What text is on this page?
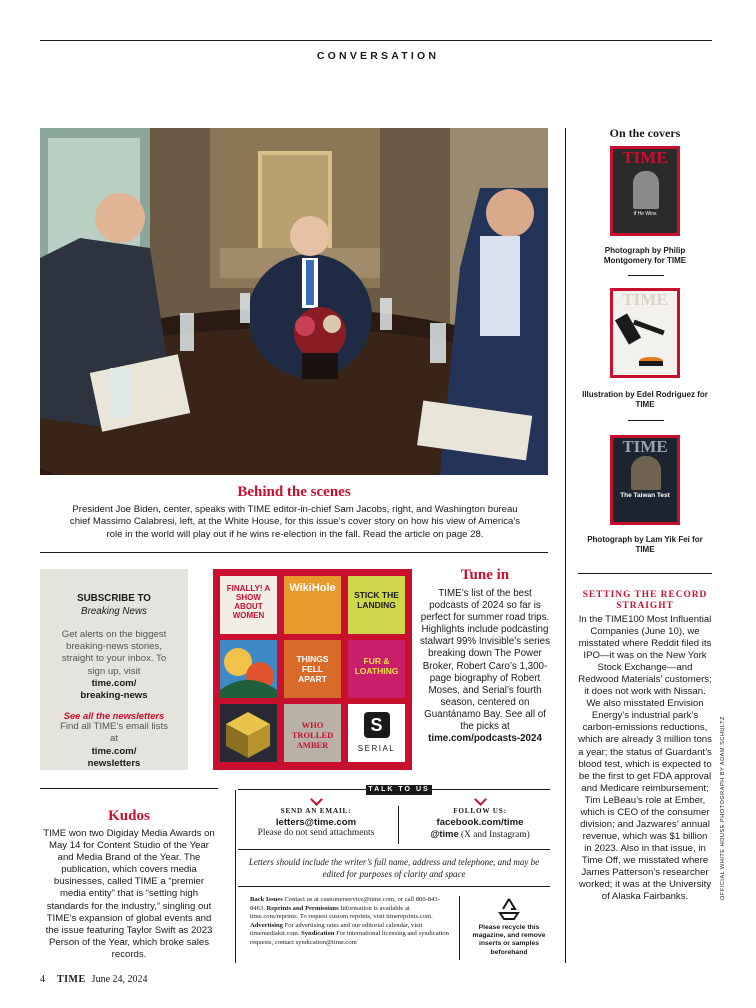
CONVERSATION
Behind the scenes
President Joe Biden, center, speaks with TIME editor-in-chief Sam Jacobs, right, and Washington bureau chief Massimo Calabresi, left, at the White House, for this issue’s cover story on how his view of America’s role in the world will play out if he wins re-election in the fall. Read the article on page 28.
On the covers
TIME
If He Wins
Photograph by Philip Montgomery for TIME
TIME
Illustration by Edel Rodriguez for TIME
TIME
The Taiwan Test
Photograph by Lam Yik Fei for TIME
SUBSCRIBE TO
Breaking News
Get alerts on the biggest breaking-news stories, straight to your inbox. To sign up, visit
time.com/ breaking-news
See all the newsletters
Find all TIME’s email lists at
time.com/ newsletters
FINALLY! A SHOW ABOUT WOMEN
WikiHole
STICK THE LANDING
THINGS FELL APART
FUR & LOATHING
WHO TROLLED AMBER
S
SERIAL
Tune in
TIME’s list of the best podcasts of 2024 so far is perfect for summer road trips. Highlights include podcasting stalwart 99% Invisible’s series breaking down The Power Broker, Robert Caro’s 1,300-page biography of Robert Moses, and Serial’s fourth season, centered on Guantánamo Bay. See all of the picks at
time.com/podcasts-2024
SETTING THE RECORD STRAIGHT
In the TIME100 Most Influential Companies (June 10), we misstated where Reddit filed its IPO—it was on the New York Stock Exchange—and Redwood Materials’ customers; it does not work with Nissan. We also misstated Envision Energy’s industrial park’s carbon-emissions reductions, which are already 3 million tons a year; the status of Guardant’s blood test, which is expected to be the first to get FDA approval and Medicare reimbursement; Tim LeBeau’s role at Ember, which is CEO of the consumer division; and Jazwares’ annual revenue, which was $1 billion in 2023. Also in that issue, in Time Off, we misstated where James Patterson’s researcher worked; it was at the University of Alaska Fairbanks.
Kudos
TIME won two Digiday Media Awards on May 14 for Content Studio of the Year and Media Brand of the Year. The publication, which covers media businesses, called TIME a “premier media entity” that is “setting high standards for the industry,” singling out TIME’s expansion of global events and the issue featuring Taylor Swift as 2023 Person of the Year, which broke sales records.
TALK TO US
SEND AN EMAIL:
letters@time.com
Please do not send attachments
FOLLOW US:
facebook.com/time
@time (X and Instagram)
Letters should include the writer’s full name, address and telephone, and may be edited for purposes of clarity and space
Back Issues Contact us at customerservice@time.com, or call 800-843-8463. Reprints and Permissions Information is available at time.com/reprints. To request custom reprints, visit timereprints.com. Advertising For advertising rates and our editorial calendar, visit timemediakit.com. Syndication For international licensing and syndication requests, contact syndication@time.com
Please recycle this magazine, and remove inserts or samples beforehand
OFFICIAL WHITE HOUSE PHOTOGRAPH BY ADAM SCHULTZ
4 TIME June 24, 2024
